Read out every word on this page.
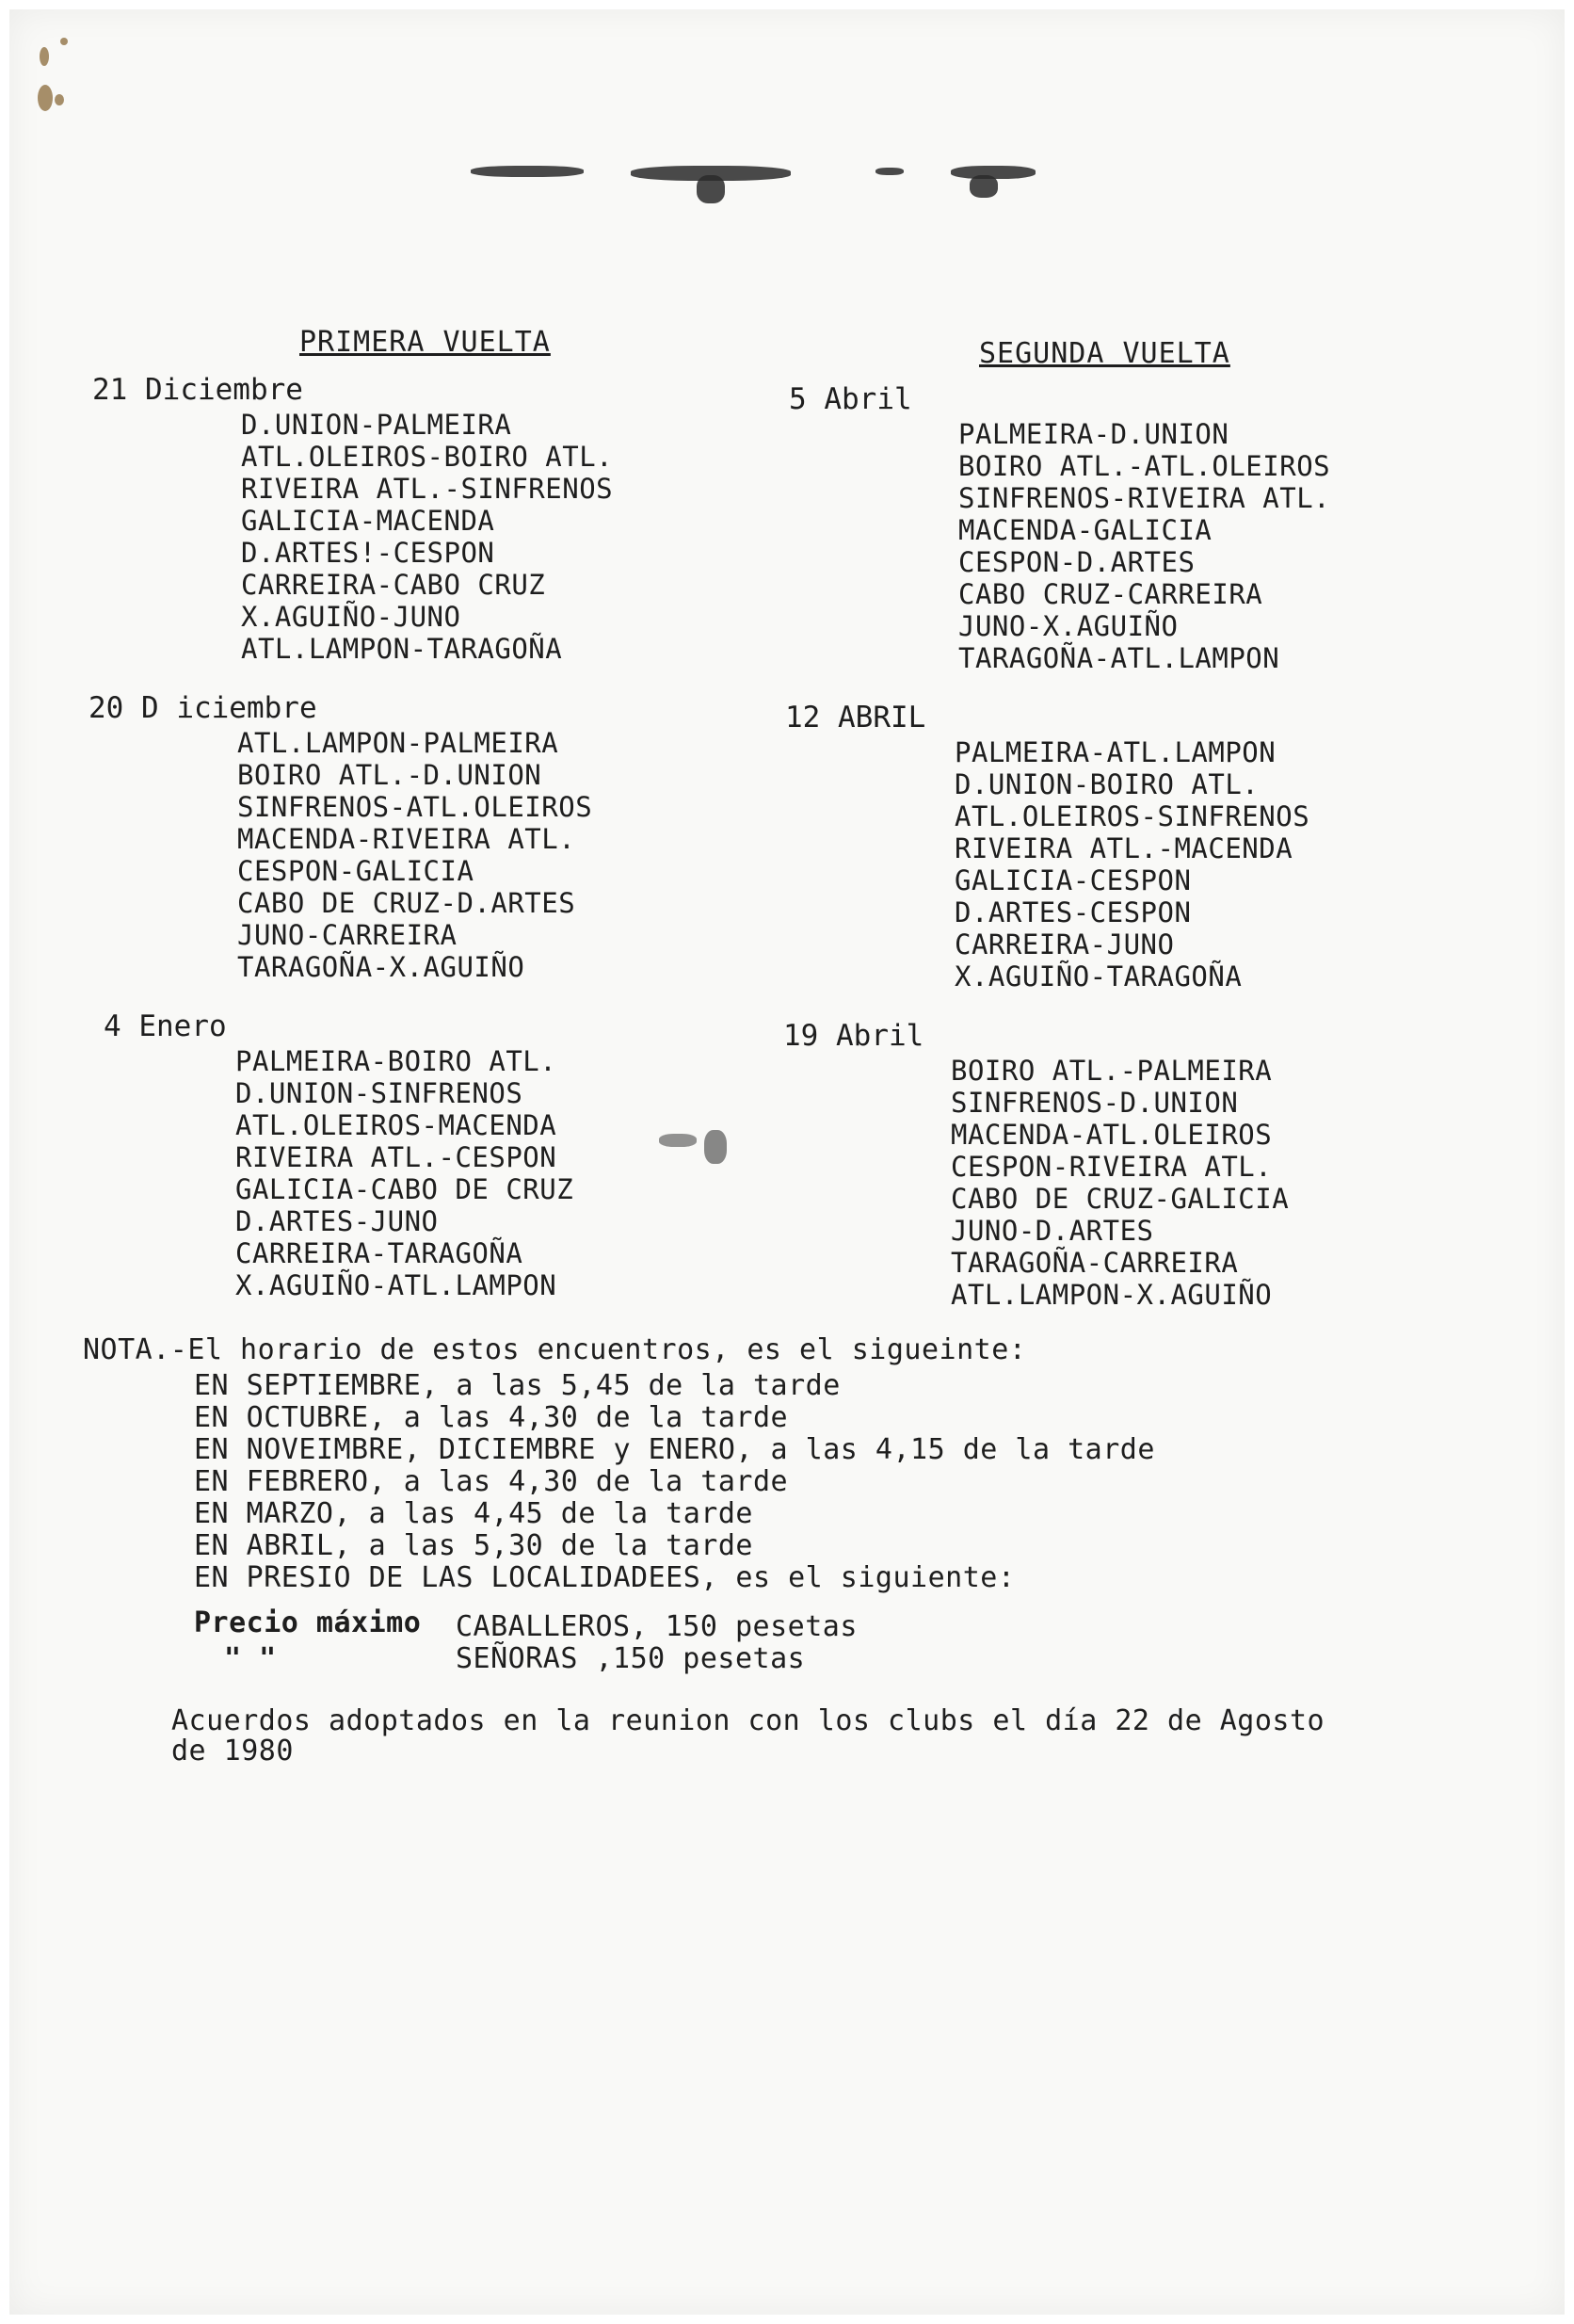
PRIMERA VUELTA
21 Diciembre
D.UNION-PALMEIRA
ATL.OLEIROS-BOIRO ATL.
RIVEIRA ATL.-SINFRENOS
GALICIA-MACENDA
D.ARTES!-CESPON
CARREIRA-CABO CRUZ
X.AGUIÑO-JUNO
ATL.LAMPON-TARAGOÑA
20 D iciembre
ATL.LAMPON-PALMEIRA
BOIRO ATL.-D.UNION
SINFRENOS-ATL.OLEIROS
MACENDA-RIVEIRA ATL.
CESPON-GALICIA
CABO DE CRUZ-D.ARTES
JUNO-CARREIRA
TARAGOÑA-X.AGUIÑO
4 Enero
PALMEIRA-BOIRO ATL.
D.UNION-SINFRENOS
ATL.OLEIROS-MACENDA
RIVEIRA ATL.-CESPON
GALICIA-CABO DE CRUZ
D.ARTES-JUNO
CARREIRA-TARAGOÑA
X.AGUIÑO-ATL.LAMPON
SEGUNDA VUELTA
5 Abril
PALMEIRA-D.UNION
BOIRO ATL.-ATL.OLEIROS
SINFRENOS-RIVEIRA ATL.
MACENDA-GALICIA
CESPON-D.ARTES
CABO CRUZ-CARREIRA
JUNO-X.AGUIÑO
TARAGOÑA-ATL.LAMPON
12 ABRIL
PALMEIRA-ATL.LAMPON
D.UNION-BOIRO ATL.
ATL.OLEIROS-SINFRENOS
RIVEIRA ATL.-MACENDA
GALICIA-CESPON
D.ARTES-CESPON
CARREIRA-JUNO
X.AGUIÑO-TARAGOÑA
19 Abril
BOIRO ATL.-PALMEIRA
SINFRENOS-D.UNION
MACENDA-ATL.OLEIROS
CESPON-RIVEIRA ATL.
CABO DE CRUZ-GALICIA
JUNO-D.ARTES
TARAGOÑA-CARREIRA
ATL.LAMPON-X.AGUIÑO
NOTA.-El horario de estos encuentros, es el sigueinte:
EN SEPTIEMBRE, a las 5,45 de la tarde
EN OCTUBRE, a las 4,30 de la tarde
EN NOVEIMBRE, DICIEMBRE y ENERO, a las 4,15 de la tarde
EN FEBRERO, a las 4,30 de la tarde
EN MARZO, a las 4,45 de la tarde
EN ABRIL, a las 5,30 de la tarde
EN PRESIO DE LAS LOCALIDADEES, es el siguiente:
Precio máximo CABALLEROS, 150 pesetas
" "	SEÑORAS ,150 pesetas
Acuerdos adoptados en la reunion con los clubs el día 22 de Agosto
de 1980
